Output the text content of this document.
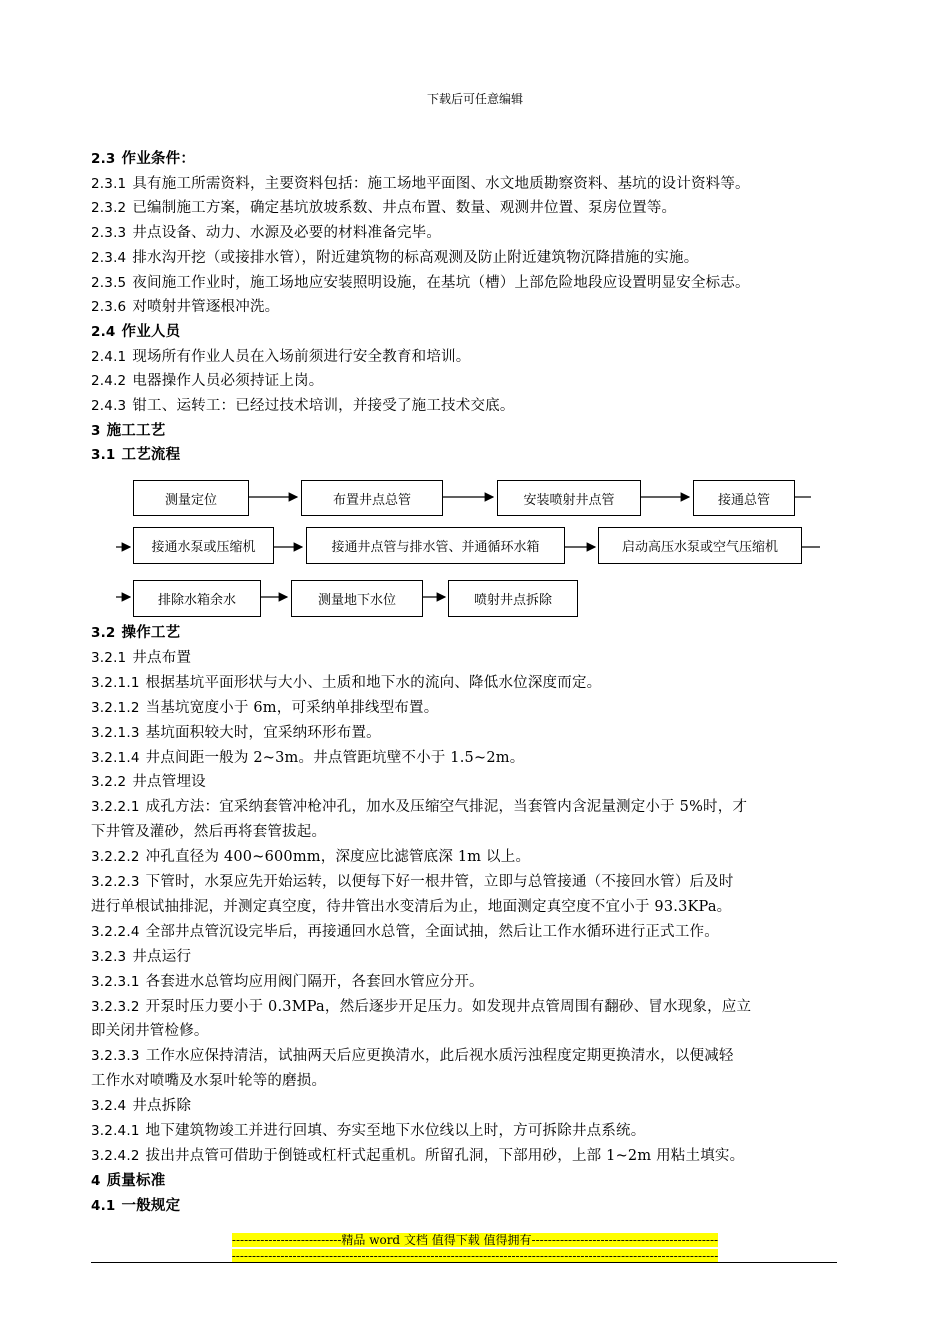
下载后可任意编辑
2.3 作业条件：
2.3.1 具有施工所需资料，主要资料包括：施工场地平面图、水文地质勘察资料、基坑的设计资料等。
2.3.2 已编制施工方案，确定基坑放坡系数、井点布置、数量、观测井位置、泵房位置等。
2.3.3 井点设备、动力、水源及必要的材料准备完毕。
2.3.4 排水沟开挖（或接排水管），附近建筑物的标高观测及防止附近建筑物沉降措施的实施。
2.3.5 夜间施工作业时，施工场地应安装照明设施，在基坑（槽）上部危险地段应设置明显安全标志。
2.3.6 对喷射井管逐根冲洗。
2.4 作业人员
2.4.1 现场所有作业人员在入场前须进行安全教育和培训。
2.4.2 电器操作人员必须持证上岗。
2.4.3 钳工、运转工：已经过技术培训，并接受了施工技术交底。
3 施工工艺
3.1 工艺流程
测量定位	布置井点总管	安装喷射井点管	接通总管
接通水泵或压缩机	接通井点管与排水管、并通循环水箱	启动高压水泵或空气压缩机
排除水箱余水	测量地下水位	喷射井点拆除
3.2 操作工艺
3.2.1 井点布置
3.2.1.1 根据基坑平面形状与大小、土质和地下水的流向、降低水位深度而定。
3.2.1.2 当基坑宽度小于 6m，可采纳单排线型布置。
3.2.1.3 基坑面积较大时，宜采纳环形布置。
3.2.1.4 井点间距一般为 2~3m。井点管距坑壁不小于 1.5~2m。
3.2.2 井点管埋设
3.2.2.1 成孔方法：宜采纳套管冲枪冲孔，加水及压缩空气排泥，当套管内含泥量测定小于 5%时，才
下井管及灌砂，然后再将套管拔起。
3.2.2.2 冲孔直径为 400~600mm，深度应比滤管底深 1m 以上。
3.2.2.3 下管时，水泵应先开始运转，以便每下好一根井管，立即与总管接通（不接回水管）后及时
进行单根试抽排泥，并测定真空度，待井管出水变清后为止，地面测定真空度不宜小于 93.3KPa。
3.2.2.4 全部井点管沉设完毕后，再接通回水总管，全面试抽，然后让工作水循环进行正式工作。
3.2.3 井点运行
3.2.3.1 各套进水总管均应用阀门隔开，各套回水管应分开。
3.2.3.2 开泵时压力要小于 0.3MPa，然后逐步开足压力。如发现井点管周围有翻砂、冒水现象，应立
即关闭井管检修。
3.2.3.3 工作水应保持清洁，试抽两天后应更换清水，此后视水质污浊程度定期更换清水，以便减轻
工作水对喷嘴及水泵叶轮等的磨损。
3.2.4 井点拆除
3.2.4.1 地下建筑物竣工并进行回填、夯实至地下水位线以上时，方可拆除井点系统。
3.2.4.2 拔出井点管可借助于倒链或杠杆式起重机。所留孔洞，下部用砂，上部 1~2m 用粘土填实。
4 质量标准
4.1 一般规定
---------------------------精品 word 文档 值得下载 值得拥有----------------------------------------------
------------------------------------------------------------------------------------------------------------------------
